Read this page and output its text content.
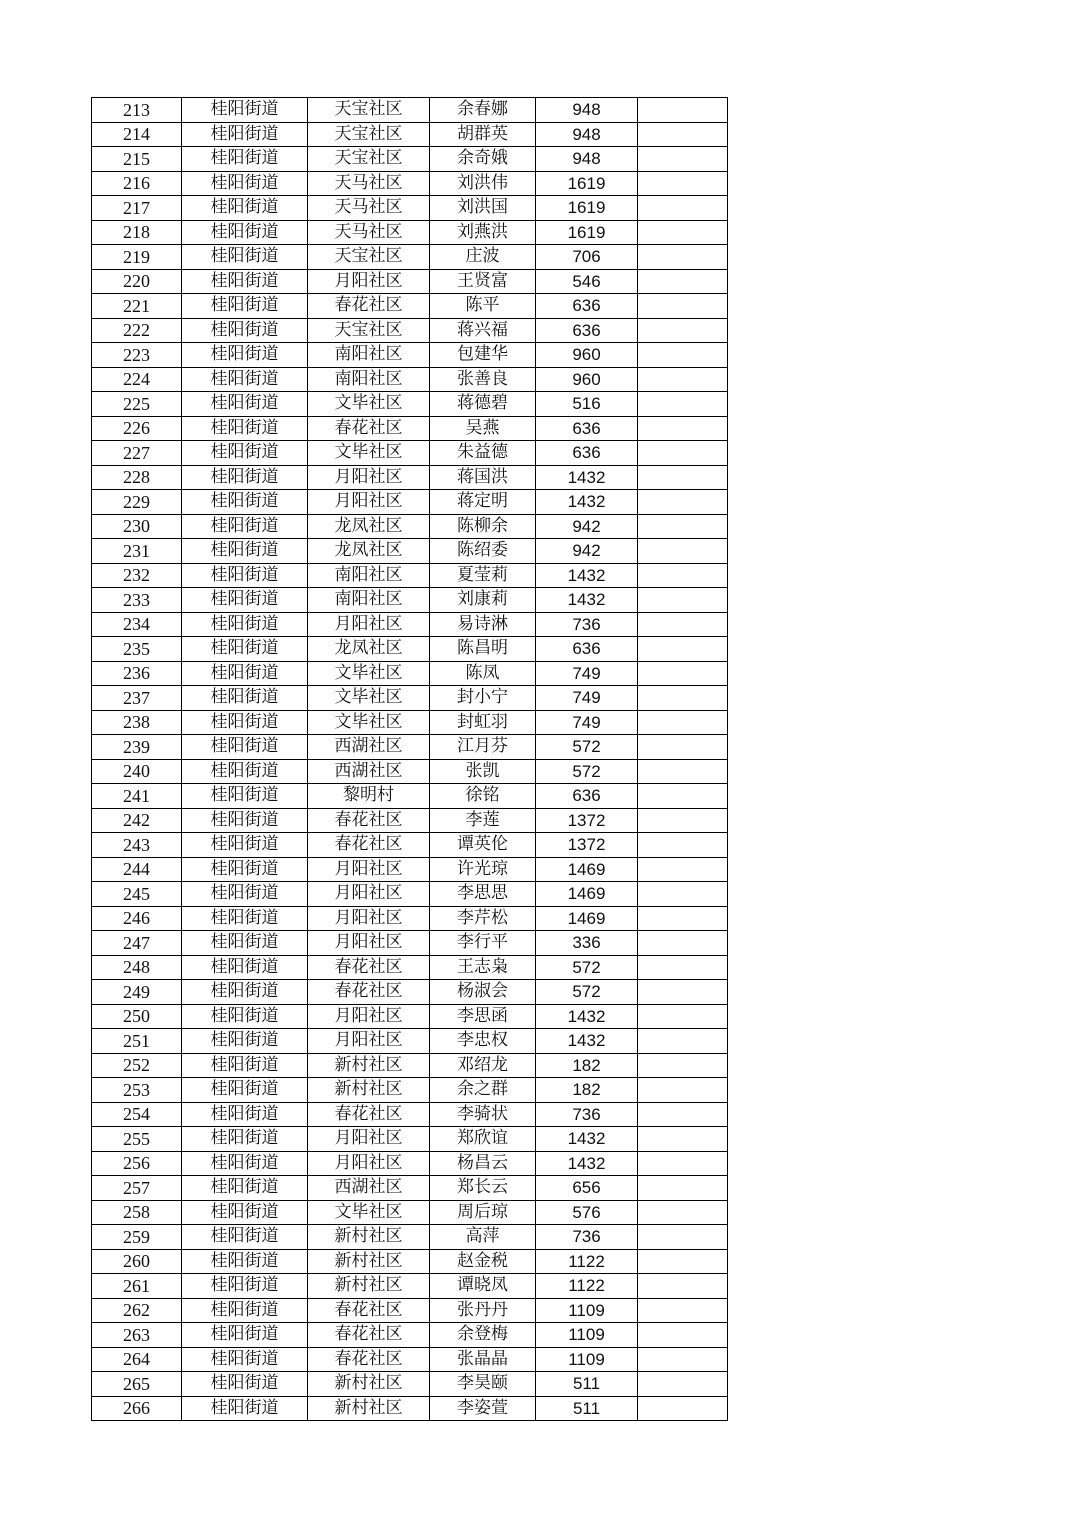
213	桂阳街道	天宝社区	余春娜	948	
214	桂阳街道	天宝社区	胡群英	948	
215	桂阳街道	天宝社区	余奇娥	948	
216	桂阳街道	天马社区	刘洪伟	1619	
217	桂阳街道	天马社区	刘洪国	1619	
218	桂阳街道	天马社区	刘燕洪	1619	
219	桂阳街道	天宝社区	庄波	706	
220	桂阳街道	月阳社区	王贤富	546	
221	桂阳街道	春花社区	陈平	636	
222	桂阳街道	天宝社区	蒋兴福	636	
223	桂阳街道	南阳社区	包建华	960	
224	桂阳街道	南阳社区	张善良	960	
225	桂阳街道	文毕社区	蒋德碧	516	
226	桂阳街道	春花社区	吴燕	636	
227	桂阳街道	文毕社区	朱益德	636	
228	桂阳街道	月阳社区	蒋国洪	1432	
229	桂阳街道	月阳社区	蒋定明	1432	
230	桂阳街道	龙凤社区	陈柳余	942	
231	桂阳街道	龙凤社区	陈绍委	942	
232	桂阳街道	南阳社区	夏莹莉	1432	
233	桂阳街道	南阳社区	刘康莉	1432	
234	桂阳街道	月阳社区	易诗淋	736	
235	桂阳街道	龙凤社区	陈昌明	636	
236	桂阳街道	文毕社区	陈凤	749	
237	桂阳街道	文毕社区	封小宁	749	
238	桂阳街道	文毕社区	封虹羽	749	
239	桂阳街道	西湖社区	江月芬	572	
240	桂阳街道	西湖社区	张凯	572	
241	桂阳街道	黎明村	徐铭	636	
242	桂阳街道	春花社区	李莲	1372	
243	桂阳街道	春花社区	谭英伦	1372	
244	桂阳街道	月阳社区	许光琼	1469	
245	桂阳街道	月阳社区	李思思	1469	
246	桂阳街道	月阳社区	李芹松	1469	
247	桂阳街道	月阳社区	李行平	336	
248	桂阳街道	春花社区	王志枭	572	
249	桂阳街道	春花社区	杨淑会	572	
250	桂阳街道	月阳社区	李思函	1432	
251	桂阳街道	月阳社区	李忠权	1432	
252	桂阳街道	新村社区	邓绍龙	182	
253	桂阳街道	新村社区	余之群	182	
254	桂阳街道	春花社区	李骑状	736	
255	桂阳街道	月阳社区	郑欣谊	1432	
256	桂阳街道	月阳社区	杨昌云	1432	
257	桂阳街道	西湖社区	郑长云	656	
258	桂阳街道	文毕社区	周后琼	576	
259	桂阳街道	新村社区	高萍	736	
260	桂阳街道	新村社区	赵金税	1122	
261	桂阳街道	新村社区	谭晓凤	1122	
262	桂阳街道	春花社区	张丹丹	1109	
263	桂阳街道	春花社区	余登梅	1109	
264	桂阳街道	春花社区	张晶晶	1109	
265	桂阳街道	新村社区	李昊颐	511	
266	桂阳街道	新村社区	李姿萱	511	
